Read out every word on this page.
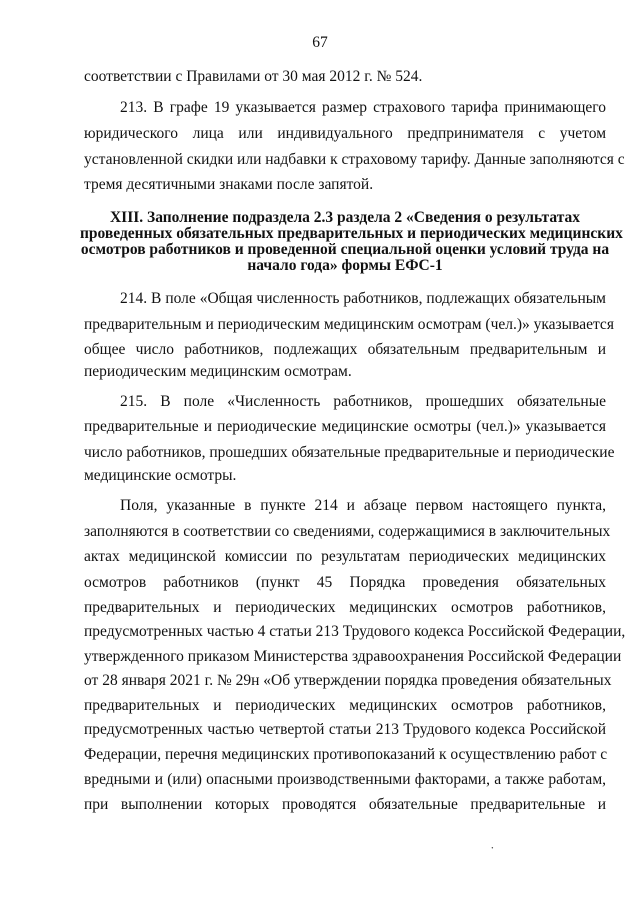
67
соответствии с Правилами от 30 мая 2012 г. № 524.
213. В графе 19 указывается размер страхового тарифа принимающего
юридического лица или индивидуального предпринимателя с учетом
установленной скидки или надбавки к страховому тарифу. Данные заполняются с
тремя десятичными знаками после запятой.
XIII. Заполнение подраздела 2.3 раздела 2 «Сведения о результатах
проведенных обязательных предварительных и периодических медицинских
осмотров работников и проведенной специальной оценки условий труда на
начало года» формы ЕФС-1
214. В поле «Общая численность работников, подлежащих обязательным
предварительным и периодическим медицинским осмотрам (чел.)» указывается
общее число работников, подлежащих обязательным предварительным и
периодическим медицинским осмотрам.
215. В поле «Численность работников, прошедших обязательные
предварительные и периодические медицинские осмотры (чел.)» указывается
число работников, прошедших обязательные предварительные и периодические
медицинские осмотры.
Поля, указанные в пункте 214 и абзаце первом настоящего пункта,
заполняются в соответствии со сведениями, содержащимися в заключительных
актах медицинской комиссии по результатам периодических медицинских
осмотров работников (пункт 45 Порядка проведения обязательных
предварительных и периодических медицинских осмотров работников,
предусмотренных частью 4 статьи 213 Трудового кодекса Российской Федерации,
утвержденного приказом Министерства здравоохранения Российской Федерации
от 28 января 2021 г. № 29н «Об утверждении порядка проведения обязательных
предварительных и периодических медицинских осмотров работников,
предусмотренных частью четвертой статьи 213 Трудового кодекса Российской
Федерации, перечня медицинских противопоказаний к осуществлению работ с
вредными и (или) опасными производственными факторами, а также работам,
при выполнении которых проводятся обязательные предварительные и
˙
